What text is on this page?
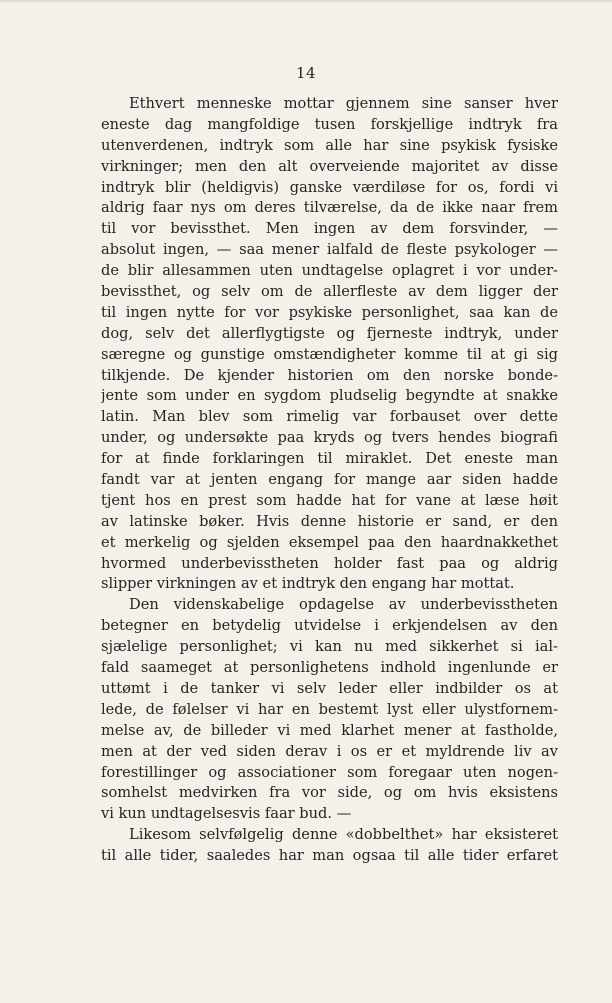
14
Ethvert menneske mottar gjennem sine sanser hver
eneste dag mangfoldige tusen forskjellige indtryk fra
utenverdenen, indtryk som alle har sine psykisk fysiske
virkninger; men den alt overveiende majoritet av disse
indtryk blir (heldigvis) ganske værdiløse for os, fordi vi
aldrig faar nys om deres tilværelse, da de ikke naar frem
til vor bevissthet. Men ingen av dem forsvinder, —
absolut ingen, — saa mener ialfald de fleste psykologer —
de blir allesammen uten undtagelse oplagret i vor under-
bevissthet, og selv om de allerfleste av dem ligger der
til ingen nytte for vor psykiske personlighet, saa kan de
dog, selv det allerflygtigste og fjerneste indtryk, under
særegne og gunstige omstændigheter komme til at gi sig
tilkjende. De kjender historien om den norske bonde-
jente som under en sygdom pludselig begyndte at snakke
latin. Man blev som rimelig var forbauset over dette
under, og undersøkte paa kryds og tvers hendes biografi
for at finde forklaringen til miraklet. Det eneste man
fandt var at jenten engang for mange aar siden hadde
tjent hos en prest som hadde hat for vane at læse høit
av latinske bøker. Hvis denne historie er sand, er den
et merkelig og sjelden eksempel paa den haardnakkethet
hvormed underbevisstheten holder fast paa og aldrig
slipper virkningen av et indtryk den engang har mottat.
Den videnskabelige opdagelse av underbevisstheten
betegner en betydelig utvidelse i erkjendelsen av den
sjælelige personlighet; vi kan nu med sikkerhet si ial-
fald saameget at personlighetens indhold ingenlunde er
uttømt i de tanker vi selv leder eller indbilder os at
lede, de følelser vi har en bestemt lyst eller ulystfornem-
melse av, de billeder vi med klarhet mener at fastholde,
men at der ved siden derav i os er et myldrende liv av
forestillinger og associationer som foregaar uten nogen-
somhelst medvirken fra vor side, og om hvis eksistens
vi kun undtagelsesvis faar bud. —
Likesom selvfølgelig denne «dobbelthet» har eksisteret
til alle tider, saaledes har man ogsaa til alle tider erfaret
